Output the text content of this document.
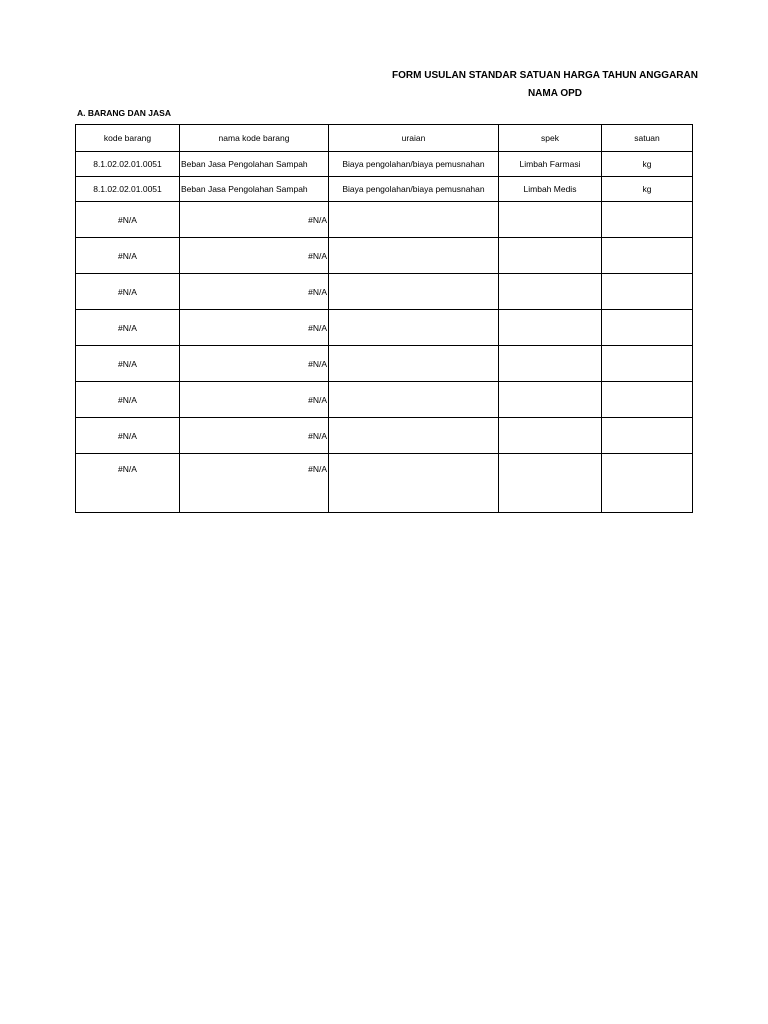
FORM USULAN STANDAR SATUAN HARGA TAHUN ANGGARAN
NAMA OPD
A. BARANG DAN JASA
kode barang	nama kode barang	uraian	spek	satuan
8.1.02.02.01.0051	Beban Jasa Pengolahan Sampah	Biaya pengolahan/biaya pemusnahan	Limbah Farmasi	kg
8.1.02.02.01.0051	Beban Jasa Pengolahan Sampah	Biaya pengolahan/biaya pemusnahan	Limbah Medis	kg
#N/A	#N/A			
#N/A	#N/A			
#N/A	#N/A			
#N/A	#N/A			
#N/A	#N/A			
#N/A	#N/A			
#N/A	#N/A			
#N/A	#N/A			
